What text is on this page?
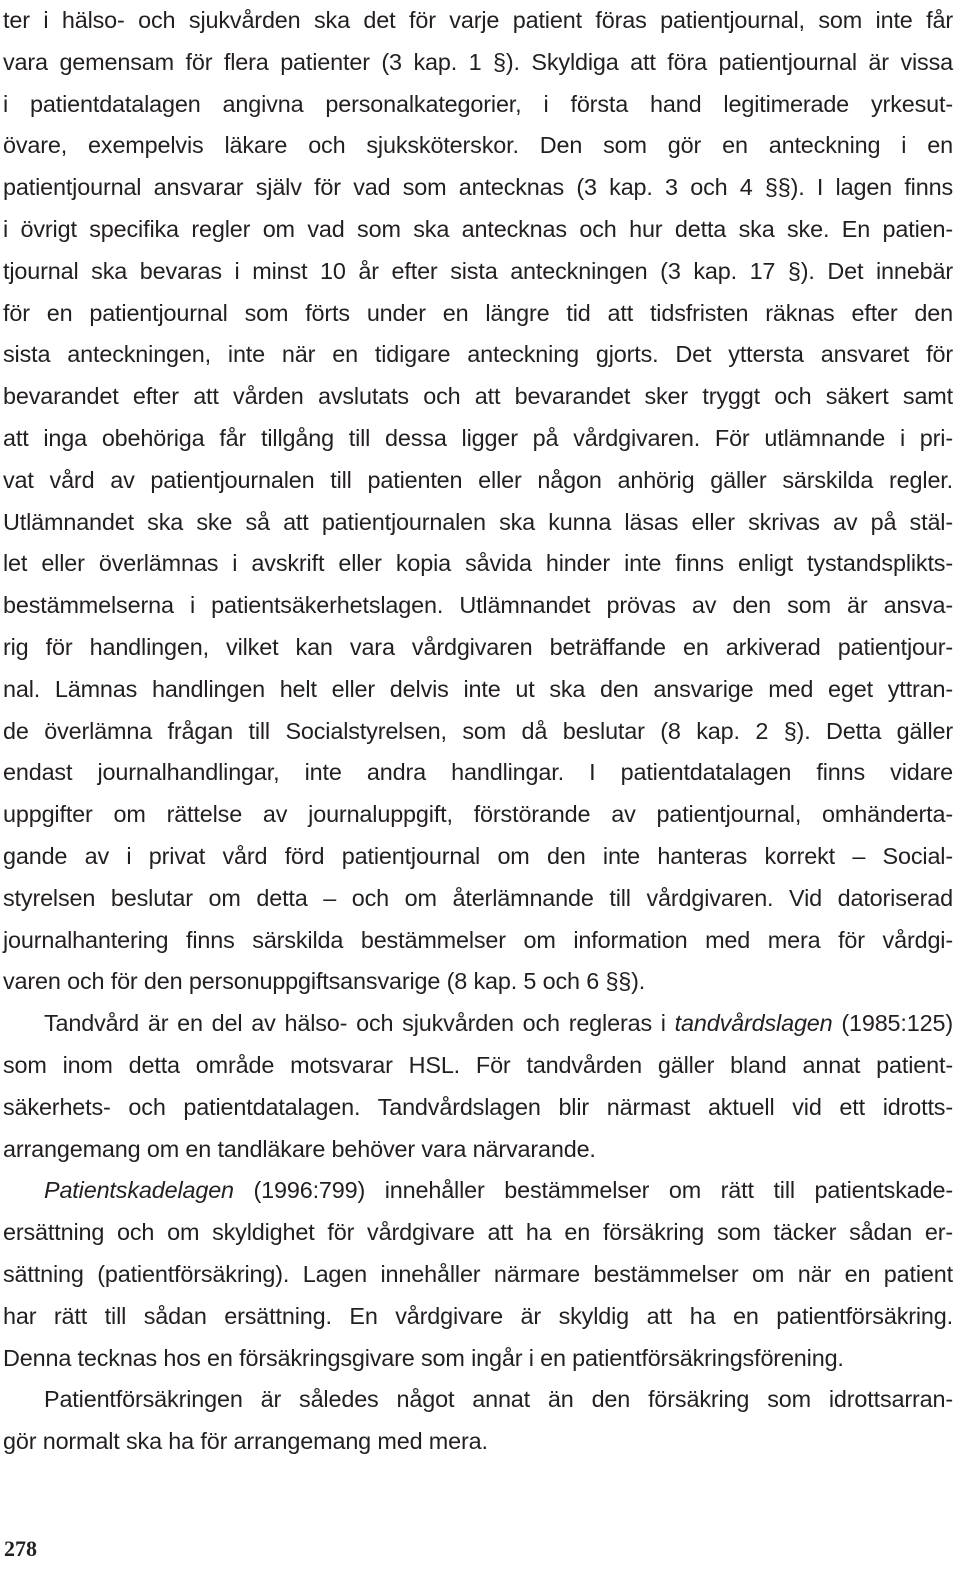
ter i hälso- och sjukvården ska det för varje patient föras patientjournal, som inte får
vara gemensam för flera patienter (3 kap. 1 §). Skyldiga att föra patientjournal är vissa
i patientdatalagen angivna personalkategorier, i första hand legitimerade yrkesut-
övare, exempelvis läkare och sjuksköterskor. Den som gör en anteckning i en
patientjournal ansvarar själv för vad som antecknas (3 kap. 3 och 4 §§). I lagen finns
i övrigt specifika regler om vad som ska antecknas och hur detta ska ske. En patien-
tjournal ska bevaras i minst 10 år efter sista anteckningen (3 kap. 17 §). Det innebär
för en patientjournal som förts under en längre tid att tidsfristen räknas efter den
sista anteckningen, inte när en tidigare anteckning gjorts. Det yttersta ansvaret för
bevarandet efter att vården avslutats och att bevarandet sker tryggt och säkert samt
att inga obehöriga får tillgång till dessa ligger på vårdgivaren. För utlämnande i pri-
vat vård av patientjournalen till patienten eller någon anhörig gäller särskilda regler.
Utlämnandet ska ske så att patientjournalen ska kunna läsas eller skrivas av på stäl-
let eller överlämnas i avskrift eller kopia såvida hinder inte finns enligt tystandsplikts-
bestämmelserna i patientsäkerhetslagen. Utlämnandet prövas av den som är ansva-
rig för handlingen, vilket kan vara vårdgivaren beträffande en arkiverad patientjour-
nal. Lämnas handlingen helt eller delvis inte ut ska den ansvarige med eget yttran-
de överlämna frågan till Socialstyrelsen, som då beslutar (8 kap. 2 §). Detta gäller
endast journalhandlingar, inte andra handlingar. I patientdatalagen finns vidare
uppgifter om rättelse av journaluppgift, förstörande av patientjournal, omhänderta-
gande av i privat vård förd patientjournal om den inte hanteras korrekt – Social-
styrelsen beslutar om detta – och om återlämnande till vårdgivaren. Vid datoriserad
journalhantering finns särskilda bestämmelser om information med mera för vårdgi-
varen och för den personuppgiftsansvarige (8 kap. 5 och 6 §§).
Tandvård är en del av hälso- och sjukvården och regleras i tandvårdslagen (1985:125)
som inom detta område motsvarar HSL. För tandvården gäller bland annat patient-
säkerhets- och patientdatalagen. Tandvårdslagen blir närmast aktuell vid ett idrotts-
arrangemang om en tandläkare behöver vara närvarande.
Patientskadelagen (1996:799) innehåller bestämmelser om rätt till patientskade-
ersättning och om skyldighet för vårdgivare att ha en försäkring som täcker sådan er-
sättning (patientförsäkring). Lagen innehåller närmare bestämmelser om när en patient
har rätt till sådan ersättning. En vårdgivare är skyldig att ha en patientförsäkring.
Denna tecknas hos en försäkringsgivare som ingår i en patientförsäkringsförening.
Patientförsäkringen är således något annat än den försäkring som idrottsarran-
gör normalt ska ha för arrangemang med mera.
278
